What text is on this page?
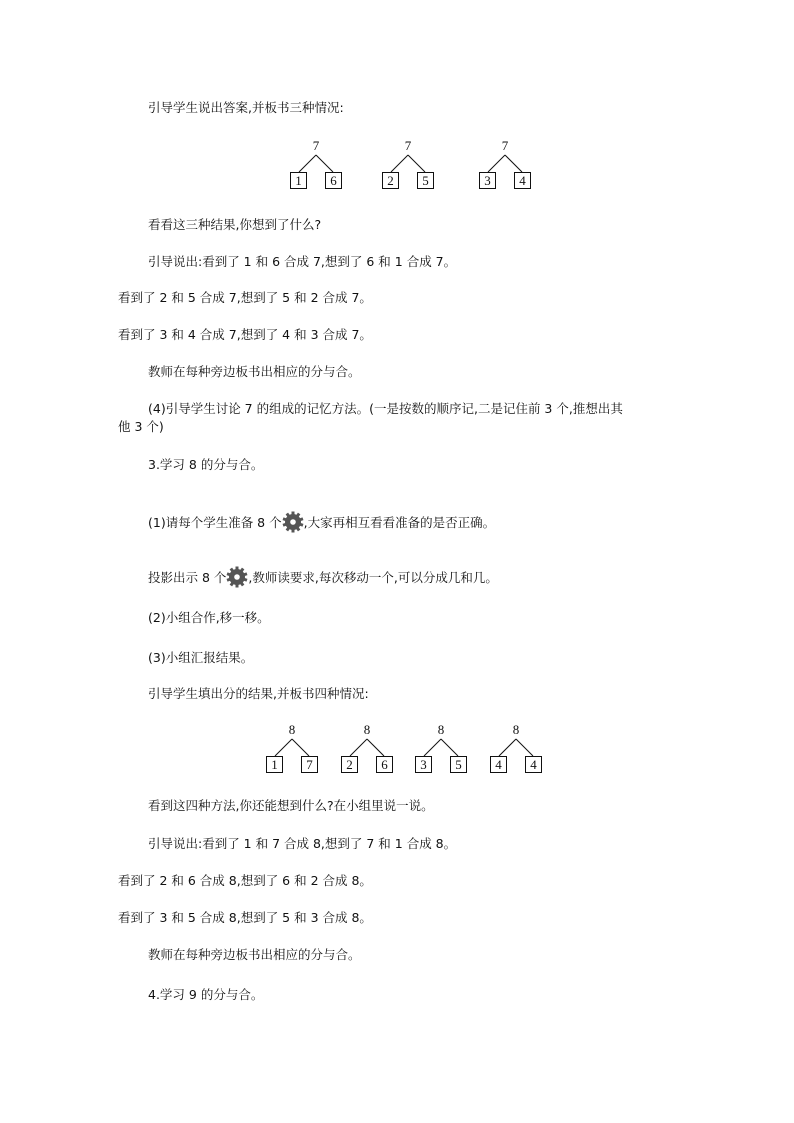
引导学生说出答案,并板书三种情况:
7
1	6
7
2	5
7
3	4
看看这三种结果,你想到了什么?
引导说出:看到了 1 和 6 合成 7,想到了 6 和 1 合成 7。
看到了 2 和 5 合成 7,想到了 5 和 2 合成 7。
看到了 3 和 4 合成 7,想到了 4 和 3 合成 7。
教师在每种旁边板书出相应的分与合。
(4)引导学生讨论 7 的组成的记忆方法。(一是按数的顺序记,二是记住前 3 个,推想出其
他 3 个)
3.学习 8 的分与合。
(1)请每个学生准备 8 个 ,大家再相互看看准备的是否正确。
投影出示 8 个 ,教师读要求,每次移动一个,可以分成几和几。
(2)小组合作,移一移。
(3)小组汇报结果。
引导学生填出分的结果,并板书四种情况:
8
1	7
8
2	6
8
3	5
8
4	4
看到这四种方法,你还能想到什么?在小组里说一说。
引导说出:看到了 1 和 7 合成 8,想到了 7 和 1 合成 8。
看到了 2 和 6 合成 8,想到了 6 和 2 合成 8。
看到了 3 和 5 合成 8,想到了 5 和 3 合成 8。
教师在每种旁边板书出相应的分与合。
4.学习 9 的分与合。
